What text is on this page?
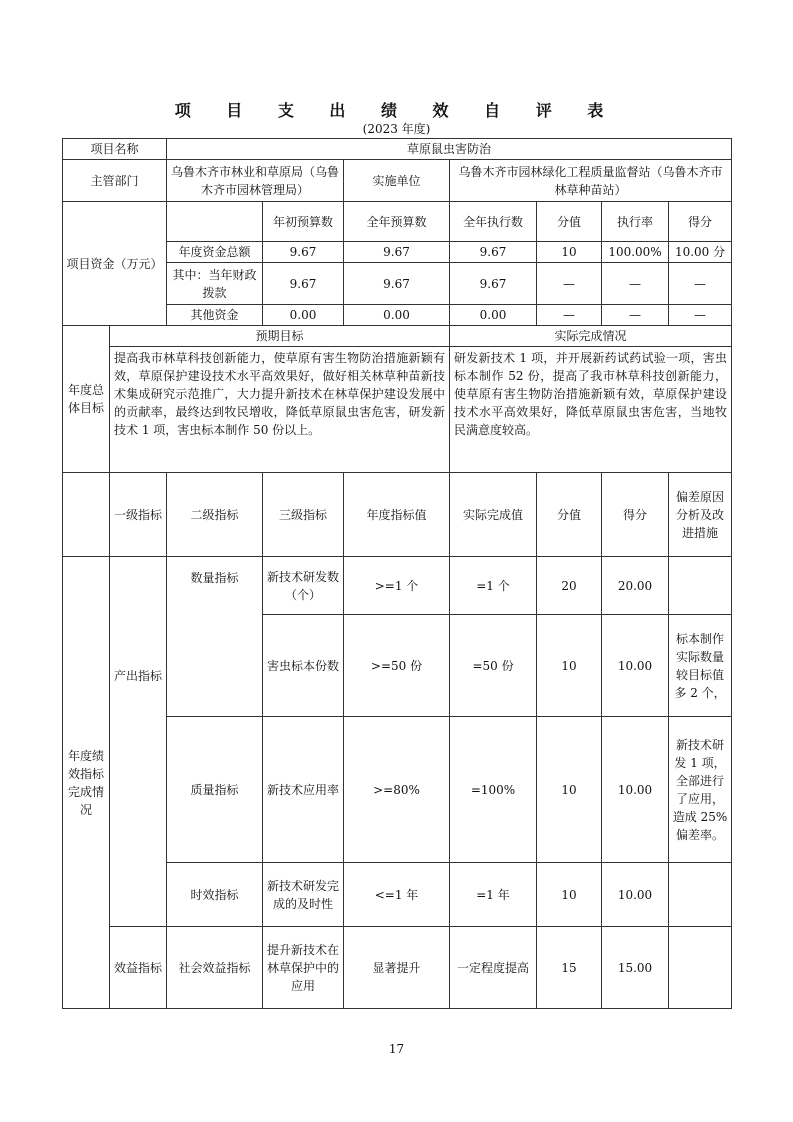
项 目 支 出 绩 效 自 评 表
(2023 年度)
项目名称		草原鼠虫害防治						
主管部门		乌鲁木齐市林业和草原局（乌鲁木齐市园林管理局）		实施单位	乌鲁木齐市园林绿化工程质量监督站（乌鲁木齐市林草种苗站）			
项目资金（万元）			年初预算数	全年预算数	全年执行数	分值	执行率	得分
		年度资金总额	9.67	9.67	9.67	10	100.00%	10.00 分
		其中：当年财政拨款	9.67	9.67	9.67	—	—	—
		其他资金	0.00	0.00	0.00	—	—	—
年度总体目标	预期目标				实际完成情况			
	提高我市林草科技创新能力，使草原有害生物防治措施新颖有效，草原保护建设技术水平高效果好，做好相关林草种苗新技术集成研究示范推广，大力提升新技术在林草保护建设发展中的贡献率，最终达到牧民增收，降低草原鼠虫害危害，研发新技术 1 项，害虫标本制作 50 份以上。				研发新技术 1 项，并开展新药试药试验一项，害虫标本制作 52 份，提高了我市林草科技创新能力，使草原有害生物防治措施新颖有效，草原保护建设技术水平高效果好，降低草原鼠虫害危害，当地牧民满意度较高。			
	一级指标	二级指标	三级指标	年度指标值	实际完成值	分值	得分	偏差原因分析及改进措施
年度绩效指标完成情况	产出指标	数量指标	新技术研发数（个）	>=1 个	=1 个	20	20.00	
			害虫标本份数	>=50 份	=50 份	10	10.00	标本制作实际数量较目标值多 2 个，
		质量指标	新技术应用率	>=80%	=100%	10	10.00	新技术研发 1 项，全部进行了应用，造成 25%偏差率。
		时效指标	新技术研发完成的及时性	<=1 年	=1 年	10	10.00	
	效益指标	社会效益指标	提升新技术在林草保护中的应用	显著提升	一定程度提高	15	15.00	
17
